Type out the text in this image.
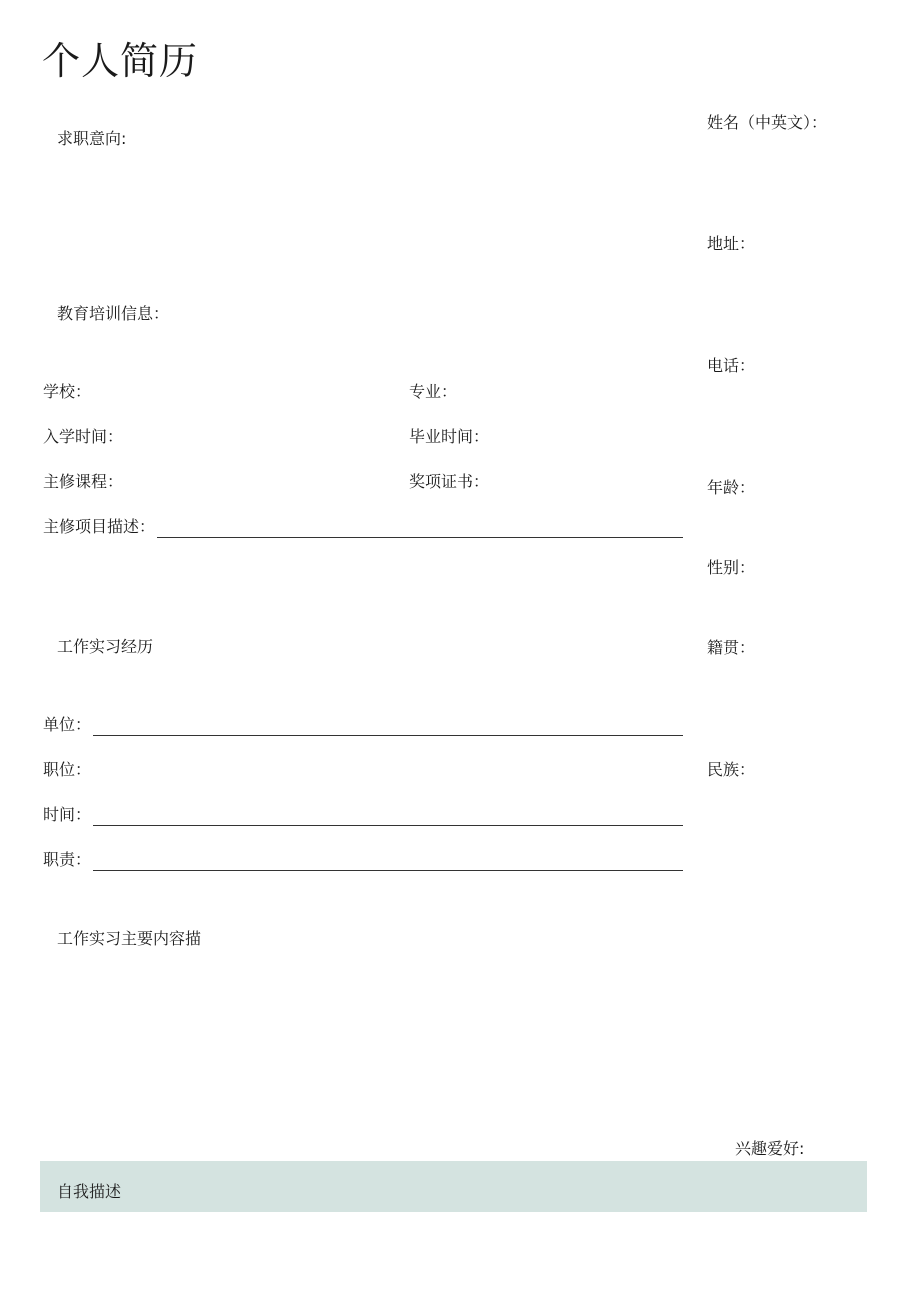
个人简历
求职意向:
教育培训信息：
学校：	专业：
入学时间：	毕业时间：
主修课程：	奖项证书：
主修项目描述：
工作实习经历
单位：
职位：
时间：
职责：
工作实习主要内容描
姓名（中英文）：
地址：
电话：
年龄：
性别：
籍贯：
民族：
兴趣爱好:
自我描述
